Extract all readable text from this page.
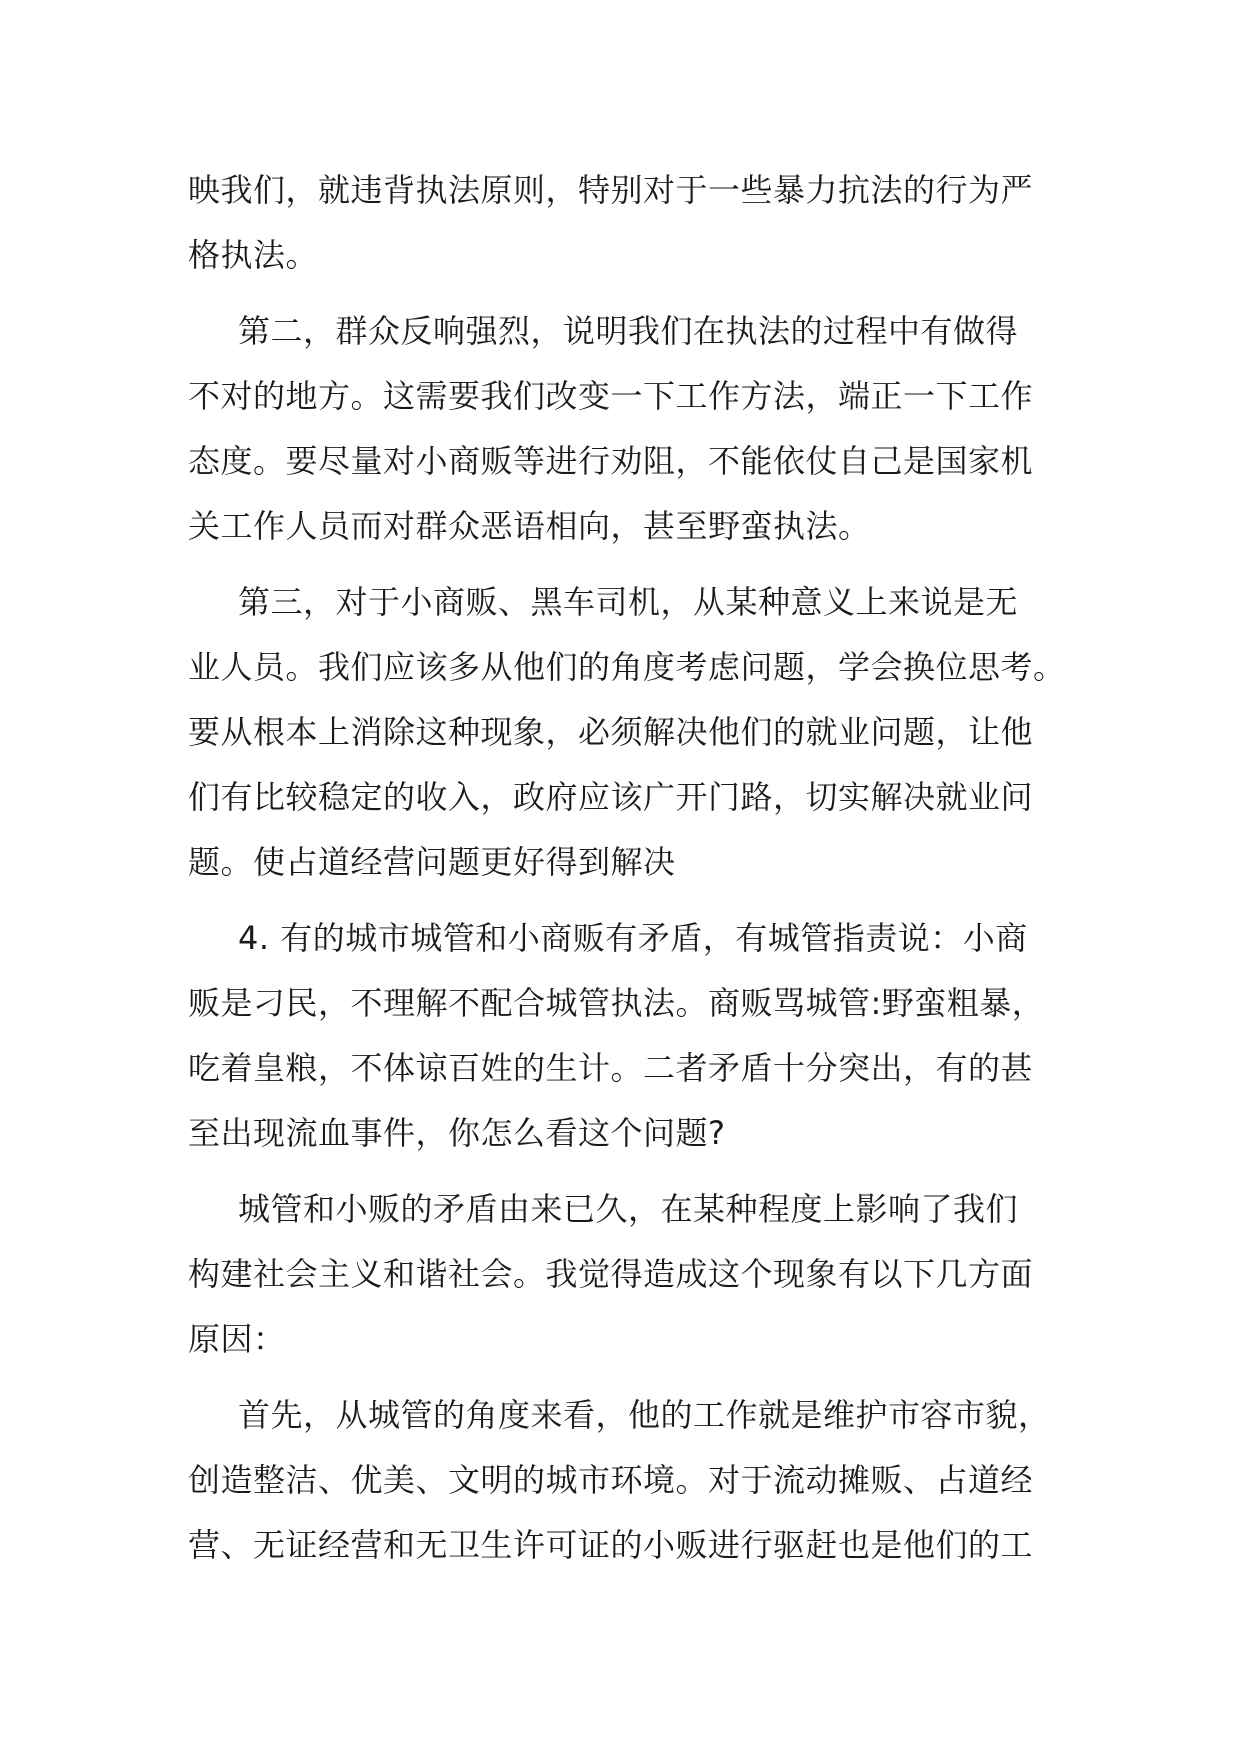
映我们，就违背执法原则，特别对于一些暴力抗法的行为严
格执法。

第二，群众反响强烈，说明我们在执法的过程中有做得
不对的地方。这需要我们改变一下工作方法，端正一下工作
态度。要尽量对小商贩等进行劝阻，不能依仗自己是国家机
关工作人员而对群众恶语相向，甚至野蛮执法。

第三，对于小商贩、黑车司机，从某种意义上来说是无
业人员。我们应该多从他们的角度考虑问题，学会换位思考。
要从根本上消除这种现象，必须解决他们的就业问题，让他
们有比较稳定的收入，政府应该广开门路，切实解决就业问
题。使占道经营问题更好得到解决

4. 有的城市城管和小商贩有矛盾，有城管指责说：小商
贩是刁民，不理解不配合城管执法。商贩骂城管:野蛮粗暴，
吃着皇粮，不体谅百姓的生计。二者矛盾十分突出，有的甚
至出现流血事件，你怎么看这个问题?

城管和小贩的矛盾由来已久，在某种程度上影响了我们
构建社会主义和谐社会。我觉得造成这个现象有以下几方面
原因：

首先，从城管的角度来看，他的工作就是维护市容市貌，
创造整洁、优美、文明的城市环境。对于流动摊贩、占道经
营、无证经营和无卫生许可证的小贩进行驱赶也是他们的工
